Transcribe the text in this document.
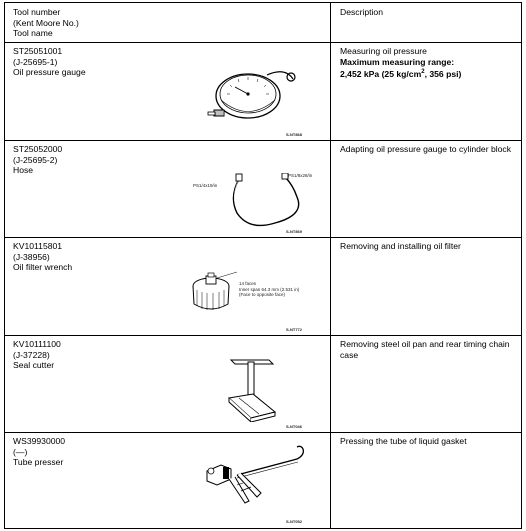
Tool number
(Kent Moore No.)
Tool name
Description
ST25051001
(J-25695-1)
Oil pressure gauge
S-NT868
Measuring oil pressure
Maximum measuring range:
2,452 kPa (25 $kg/cm^2$, 356 psi)
ST25052000
(J-25695-2)
Hose
PS1/4x19/in
PS1/8x28/in
S-NT869
Adapting oil pressure gauge to cylinder block
KV10115801
(J-38956)
Oil filter wrench
14 faces
Inner span 64.3 mm (2.531 in)
(Face to opposite face)
S-NT772
Removing and installing oil filter
KV10111100
(J-37228)
Seal cutter
S-NT046
Removing steel oil pan and rear timing chain
case
WS39930000
(—)
Tube presser
S-NT052
Pressing the tube of liquid gasket
